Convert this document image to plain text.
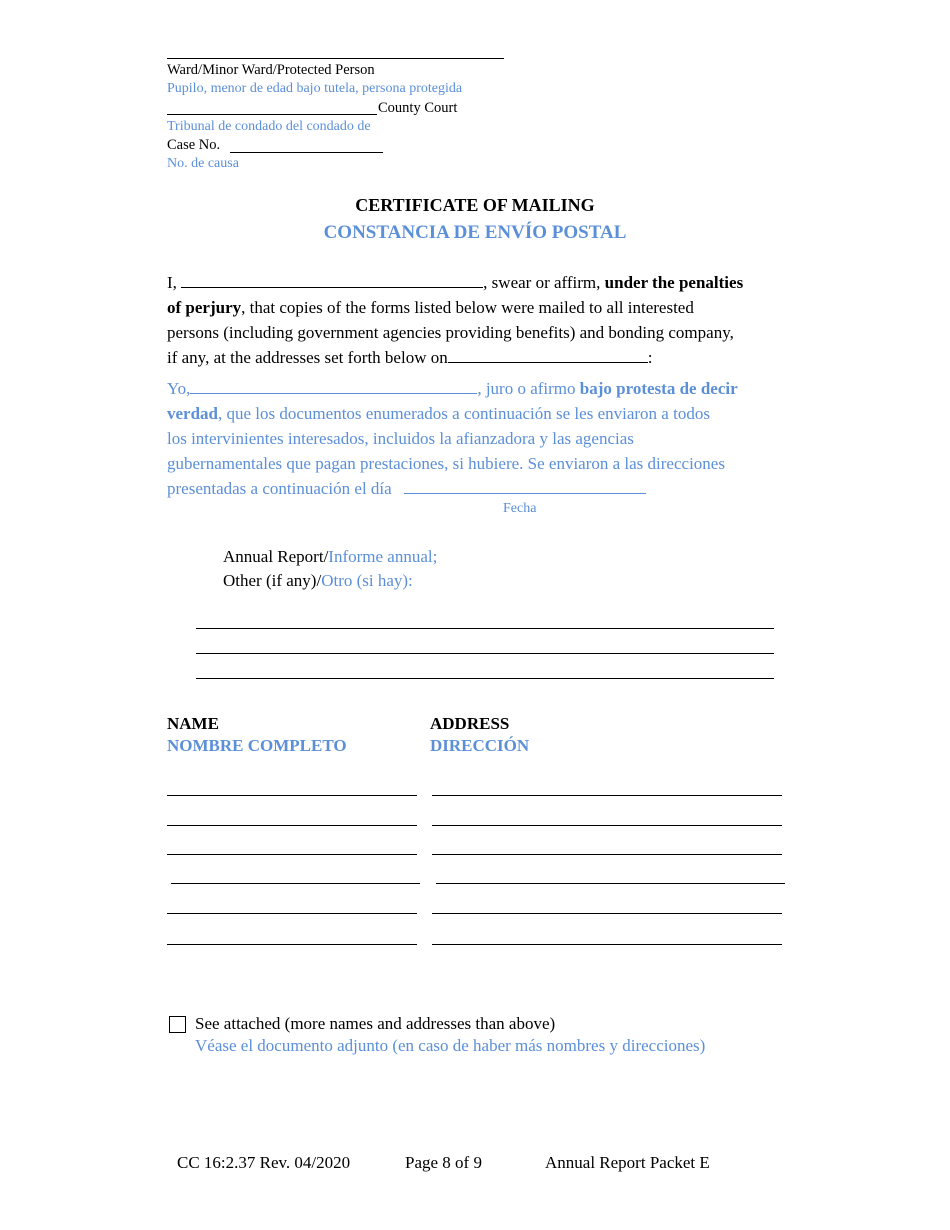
Ward/Minor Ward/Protected Person
Pupilo, menor de edad bajo tutela, persona protegida
County Court
Tribunal de condado del condado de
Case No.
No. de causa
CERTIFICATE OF MAILING
CONSTANCIA DE ENVÍO POSTAL
I,	, swear or affirm, under the penalties
of perjury, that copies of the forms listed below were mailed to all interested
persons (including government agencies providing benefits) and bonding company,
if any, at the addresses set forth below on	:
Yo,	, juro o afirmo bajo protesta de decir
verdad, que los documentos enumerados a continuación se les enviaron a todos
los intervinientes interesados, incluidos la afianzadora y las agencias
gubernamentales que pagan prestaciones, si hubiere. Se enviaron a las direcciones
presentadas a continuación el día
Fecha
Annual Report/Informe annual;
Other (if any)/Otro (si hay):
NAME
NOMBRE COMPLETO
ADDRESS
DIRECCIÓN
See attached (more names and addresses than above)
Véase el documento adjunto (en caso de haber más nombres y direcciones)
CC 16:2.37 Rev. 04/2020	Page 8 of 9	Annual Report Packet E
